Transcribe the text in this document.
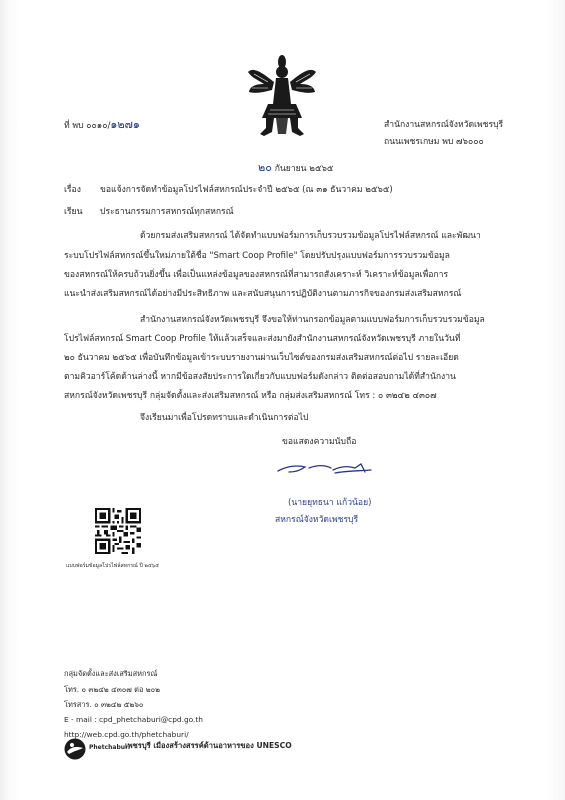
ที่ พบ ๐๐๑๐/๑๒๗๑	สำนักงานสหกรณ์จังหวัดเพชรบุรี
ถนนเพชรเกษม พบ ๗๖๐๐๐
๒๐ กันยายน ๒๕๖๕
เรื่อง ขอแจ้งการจัดทำข้อมูลโปรไฟล์สหกรณ์ประจำปี ๒๕๖๕ (ณ ๓๑ ธันวาคม ๒๕๖๕)
เรียน ประธานกรรมการสหกรณ์ทุกสหกรณ์
ด้วยกรมส่งเสริมสหกรณ์ ได้จัดทำแบบฟอร์มการเก็บรวบรวมข้อมูลโปรไฟล์สหกรณ์ และพัฒนา
ระบบโปรไฟล์สหกรณ์ขึ้นใหม่ภายใต้ชื่อ "Smart Coop Profile" โดยปรับปรุงแบบฟอร์มการรวบรวมข้อมูล
ของสหกรณ์ให้ครบถ้วนยิ่งขึ้น เพื่อเป็นแหล่งข้อมูลของสหกรณ์ที่สามารถสังเคราะห์ วิเคราะห์ข้อมูลเพื่อการ
แนะนำส่งเสริมสหกรณ์ได้อย่างมีประสิทธิภาพ และสนับสนุนการปฏิบัติงานตามภารกิจของกรมส่งเสริมสหกรณ์
สำนักงานสหกรณ์จังหวัดเพชรบุรี จึงขอให้ท่านกรอกข้อมูลตามแบบฟอร์มการเก็บรวบรวมข้อมูล
โปรไฟล์สหกรณ์ Smart Coop Profile ให้แล้วเสร็จและส่งมายังสำนักงานสหกรณ์จังหวัดเพชรบุรี ภายในวันที่
๒๐ ธันวาคม ๒๕๖๕ เพื่อบันทึกข้อมูลเข้าระบบรายงานผ่านเว็บไซต์ของกรมส่งเสริมสหกรณ์ต่อไป รายละเอียด
ตามคิวอาร์โค้ดด้านล่างนี้ หากมีข้อสงสัยประการใดเกี่ยวกับแบบฟอร์มดังกล่าว ติดต่อสอบถามได้ที่สำนักงาน
สหกรณ์จังหวัดเพชรบุรี กลุ่มจัดตั้งและส่งเสริมสหกรณ์ หรือ กลุ่มส่งเสริมสหกรณ์ โทร : ๐ ๓๒๔๒ ๔๓๐๗
จึงเรียนมาเพื่อโปรดทราบและดำเนินการต่อไป
ขอแสดงความนับถือ
(นายยุทธนา แก้วน้อย)
สหกรณ์จังหวัดเพชรบุรี
แบบฟอร์มข้อมูลโปรไฟล์สหกรณ์ ปี ๒๕๖๕
กลุ่มจัดตั้งและส่งเสริมสหกรณ์
โทร. ๐ ๓๒๔๒ ๔๓๐๗ ต่อ ๒๐๒
โทรสาร. ๐ ๓๒๔๒ ๕๒๖๐
E - mail : cpd_phetchaburi@cpd.go.th
http://web.cpd.go.th/phetchaburi/
Phetchaburi
เพชรบุรี เมืองสร้างสรรค์ด้านอาหารของ UNESCO
